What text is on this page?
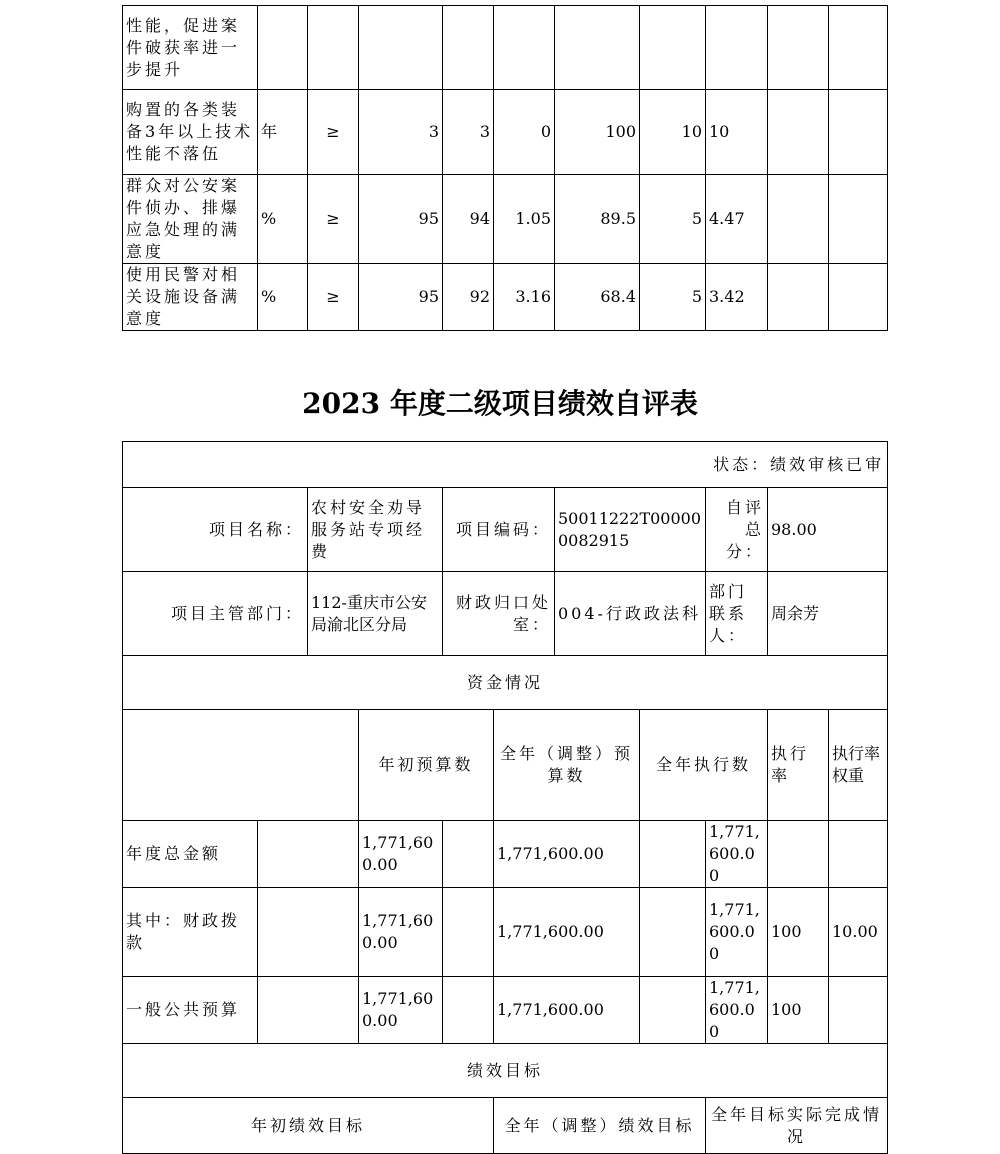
性能，促进案件破获率进一步提升										
购置的各类装备3年以上技术性能不落伍	年	≥	3	3	0	100	10	10		
群众对公安案件侦办、排爆应急处理的满意度	%	≥	95	94	1.05	89.5	5	4.47		
使用民警对相关设施设备满意度	%	≥	95	92	3.16	68.4	5	3.42		
2023 年度二级项目绩效自评表
状态：绩效审核已审											
项目名称：		农村安全劝导服务站专项经费		项目编码：		50011222T000000082915		自评总分：	98.00		
项目主管部门：		112-重庆市公安局渝北区分局		财政归口处室：		004-行政政法科		部门联系人：	周余芳		
资金情况											
			年初预算数		全年（调整）预算数		全年执行数		执行率	执行率权重	
年度总金额			1,771,600.00		1,771,600.00			1,771,600.00			
其中：财政拨款			1,771,600.00		1,771,600.00			1,771,600.00	100	10.00	
一般公共预算			1,771,600.00		1,771,600.00			1,771,600.00	100		
绩效目标											
年初绩效目标					全年（调整）绩效目标			全年目标实际完成情况			
